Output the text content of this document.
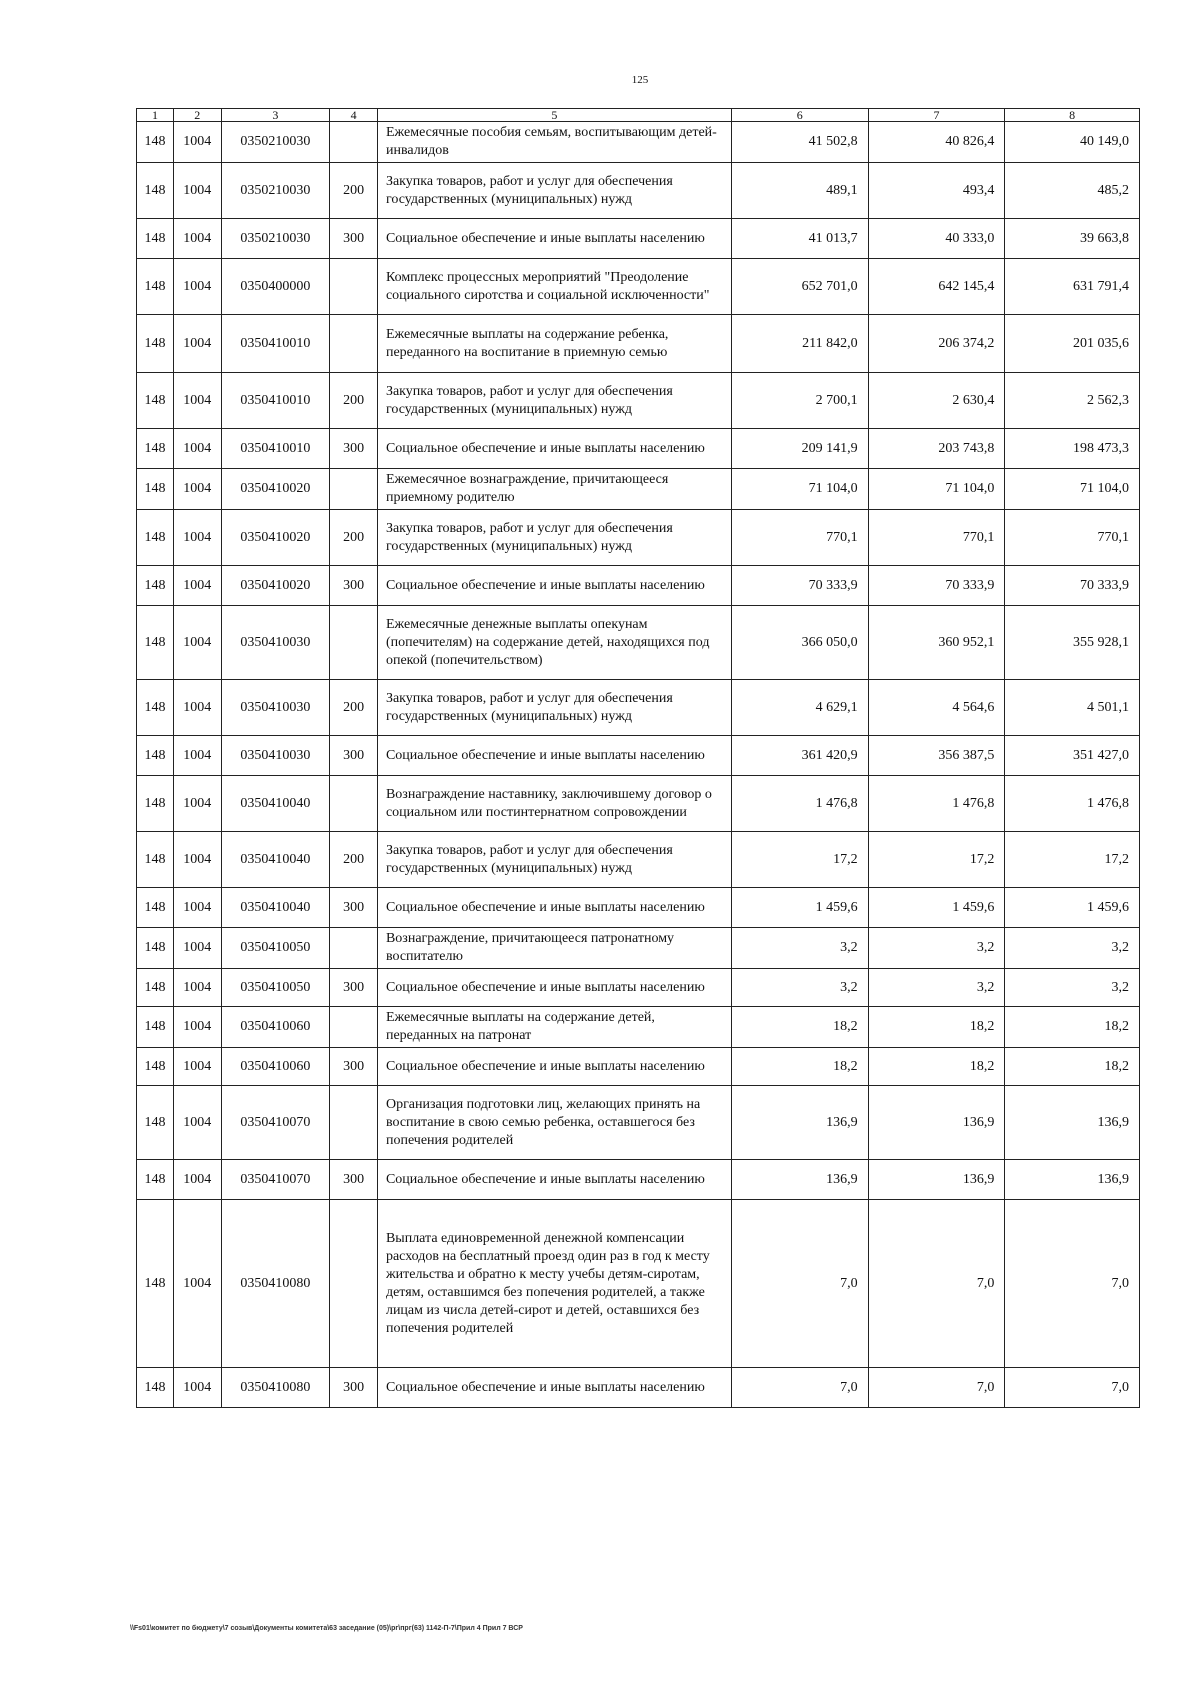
125
1	2	3	4	5	6	7	8
148	1004	0350210030		Ежемесячные пособия семьям, воспитывающим детей-инвалидов	41 502,8	40 826,4	40 149,0
148	1004	0350210030	200	Закупка товаров, работ и услуг для обеспечения государственных (муниципальных) нужд	489,1	493,4	485,2
148	1004	0350210030	300	Социальное обеспечение и иные выплаты населению	41 013,7	40 333,0	39 663,8
148	1004	0350400000		Комплекс процессных мероприятий "Преодоление социального сиротства и социальной исключенности"	652 701,0	642 145,4	631 791,4
148	1004	0350410010		Ежемесячные выплаты на содержание ребенка, переданного на воспитание в приемную семью	211 842,0	206 374,2	201 035,6
148	1004	0350410010	200	Закупка товаров, работ и услуг для обеспечения государственных (муниципальных) нужд	2 700,1	2 630,4	2 562,3
148	1004	0350410010	300	Социальное обеспечение и иные выплаты населению	209 141,9	203 743,8	198 473,3
148	1004	0350410020		Ежемесячное вознаграждение, причитающееся приемному родителю	71 104,0	71 104,0	71 104,0
148	1004	0350410020	200	Закупка товаров, работ и услуг для обеспечения государственных (муниципальных) нужд	770,1	770,1	770,1
148	1004	0350410020	300	Социальное обеспечение и иные выплаты населению	70 333,9	70 333,9	70 333,9
148	1004	0350410030		Ежемесячные денежные выплаты опекунам (попечителям) на содержание детей, находящихся под опекой (попечительством)	366 050,0	360 952,1	355 928,1
148	1004	0350410030	200	Закупка товаров, работ и услуг для обеспечения государственных (муниципальных) нужд	4 629,1	4 564,6	4 501,1
148	1004	0350410030	300	Социальное обеспечение и иные выплаты населению	361 420,9	356 387,5	351 427,0
148	1004	0350410040		Вознаграждение наставнику, заключившему договор о социальном или постинтернатном сопровождении	1 476,8	1 476,8	1 476,8
148	1004	0350410040	200	Закупка товаров, работ и услуг для обеспечения государственных (муниципальных) нужд	17,2	17,2	17,2
148	1004	0350410040	300	Социальное обеспечение и иные выплаты населению	1 459,6	1 459,6	1 459,6
148	1004	0350410050		Вознаграждение, причитающееся патронатному воспитателю	3,2	3,2	3,2
148	1004	0350410050	300	Социальное обеспечение и иные выплаты населению	3,2	3,2	3,2
148	1004	0350410060		Ежемесячные выплаты на содержание детей, переданных на патронат	18,2	18,2	18,2
148	1004	0350410060	300	Социальное обеспечение и иные выплаты населению	18,2	18,2	18,2
148	1004	0350410070		Организация подготовки лиц, желающих принять на воспитание в свою семью ребенка, оставшегося без попечения родителей	136,9	136,9	136,9
148	1004	0350410070	300	Социальное обеспечение и иные выплаты населению	136,9	136,9	136,9
148	1004	0350410080		Выплата единовременной денежной компенсации расходов на бесплатный проезд один раз в год к месту жительства и обратно к месту учебы детям-сиротам, детям, оставшимся без попечения родителей, а также лицам из числа детей-сирот и детей, оставшихся без попечения родителей	7,0	7,0	7,0
148	1004	0350410080	300	Социальное обеспечение и иные выплаты населению	7,0	7,0	7,0
\\Fs01\комитет по бюджету\7 созыв\Документы комитета\63 заседание (05)\рг\прг(63) 1142-П-7\Прил 4 Прил 7 ВСР
